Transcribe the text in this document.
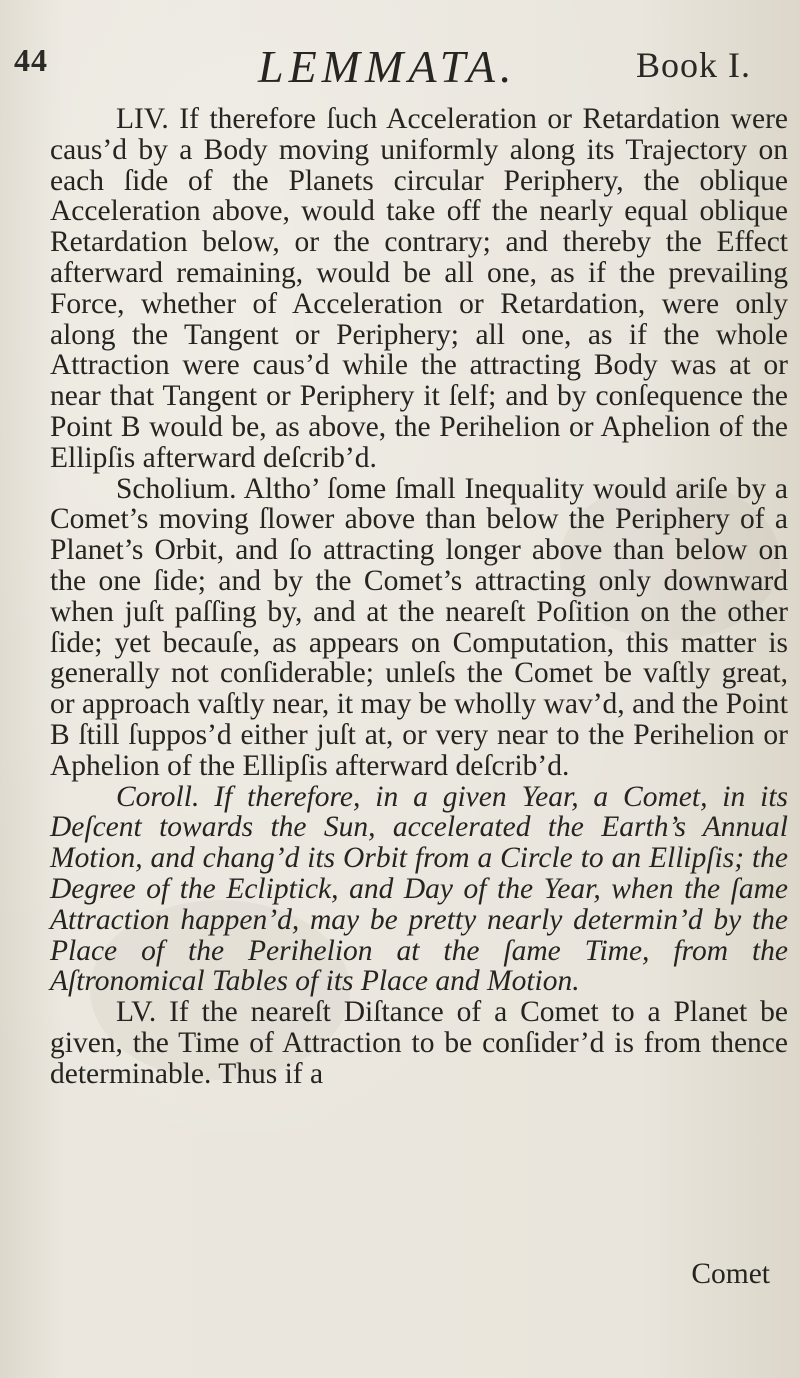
44	LEMMATA.	Book I.

LIV. If therefore ſuch Acceleration or Retardation were caus’d by a Body moving uniformly along its Trajectory on each ſide of the Planets circular Periphery, the oblique Acceleration above, would take off the nearly equal oblique Retardation below, or the contrary; and thereby the Effect afterward remaining, would be all one, as if the prevailing Force, whether of Acceleration or Retardation, were only along the Tangent or Periphery; all one, as if the whole Attraction were caus’d while the attracting Body was at or near that Tangent or Periphery it ſelf; and by conſequence the Point B would be, as above, the Perihelion or Aphelion of the Ellipſis afterward deſcrib’d.

Scholium. Altho’ ſome ſmall Inequality would ariſe by a Comet’s moving ſlower above than below the Periphery of a Planet’s Orbit, and ſo attracting longer above than below on the one ſide; and by the Comet’s attracting only downward when juſt paſſing by, and at the neareſt Poſition on the other ſide; yet becauſe, as appears on Computation, this matter is generally not conſiderable; unleſs the Comet be vaſtly great, or approach vaſtly near, it may be wholly wav’d, and the Point B ſtill ſuppos’d either juſt at, or very near to the Perihelion or Aphelion of the Ellipſis afterward deſcrib’d.

Coroll. If therefore, in a given Year, a Comet, in its Deſcent towards the Sun, accelerated the Earth’s Annual Motion, and chang’d its Orbit from a Circle to an Ellipſis; the Degree of the Ecliptick, and Day of the Year, when the ſame Attraction happen’d, may be pretty nearly determin’d by the Place of the Perihelion at the ſame Time, from the Aſtronomical Tables of its Place and Motion.

LV. If the neareſt Diſtance of a Comet to a Planet be given, the Time of Attraction to be conſider’d is from thence determinable. Thus if a

Comet
